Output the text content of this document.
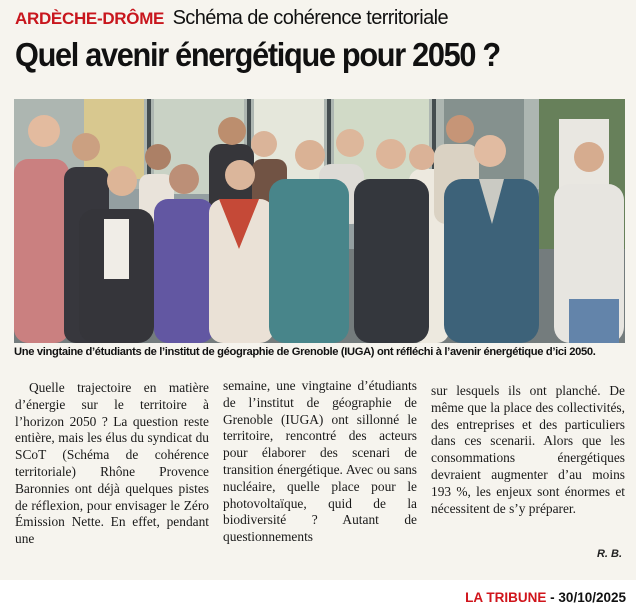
ARDÈCHE-DRÔME Schéma de cohérence territoriale
Quel avenir énergétique pour 2050 ?
Une vingtaine d’étudiants de l’institut de géographie de Grenoble (IUGA) ont réfléchi à l’avenir énergétique d’ici 2050.

Quelle trajectoire en matière d’énergie sur le territoire à l’horizon 2050 ? La question reste entière, mais les élus du syndicat du SCoT (Schéma de cohérence territoriale) Rhône Provence Baronnies ont déjà quelques pistes de réflexion, pour envisager le Zéro Émission Nette. En effet, pendant une

semaine, une vingtaine d’étudiants de l’institut de géographie de Grenoble (IUGA) ont sillonné le territoire, rencontré des acteurs pour élaborer des scenari de transition énergétique. Avec ou sans nucléaire, quelle place pour le photovoltaïque, quid de la biodiversité ? Autant de questionnements

sur lesquels ils ont planché. De même que la place des collectivités, des entreprises et des particuliers dans ces scenarii. Alors que les consommations énergétiques devraient augmenter d’au moins 193 %, les enjeux sont énormes et nécessitent de s’y préparer.

R. B.
LA TRIBUNE - 30/10/2025
